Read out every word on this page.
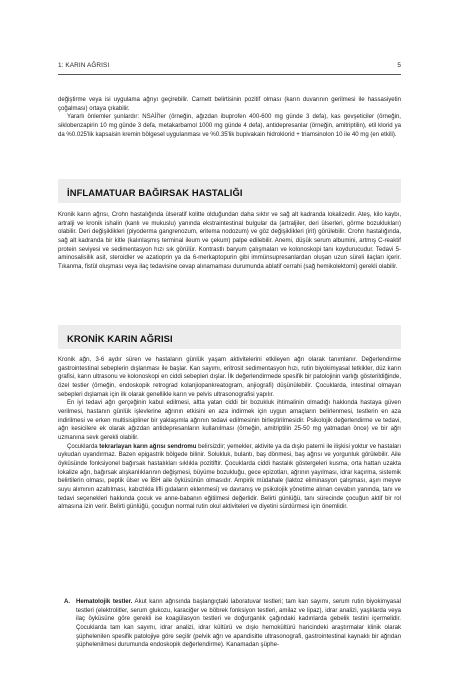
1: KARIN AĞRISI	5

değiştirme veya isi uygulama ağrıyı geçirebilir. Carnett belirtisinin pozitif olması (karın duvarının gerilmesi ile hassasiyetin çoğalması) ortaya çıkabilir.

Yararlı önlemler şunlardır: NSAİİ'ler (örneğin, ağızdan ibuprofen 400-600 mg günde 3 defa), kas gevşeticiler (örneğin, siklobenzapirin 10 mg günde 3 defa, metakarbamol 1000 mg günde 4 defa), antidepresanlar (örneğin, amitriptilin), etil klorid ya da %0.025'lik kapsaisin kremin bölgesel uygulanması ve %0.35'lik bupivakain hidroklorid + triamsinolon 10 ile 40 mg (en etkili).

İNFLAMATUAR BAĞIRSAK HASTALIĞI

Kronik karın ağrısı, Crohn hastalığında ülseratif kolitte olduğundan daha sıktır ve sağ alt kadranda lokalizedir. Ateş, kilo kaybı, artralji ve kronik ishalin (kanlı ve mukuslu) yanında ekstraintestinal bulgular da (artraljiler, deri ülserleri, görme bozuklukları) olabilir. Deri değişiklikleri (piyoderma gangrenozum, eritema nodozum) ve göz değişiklikleri (irit) görülebilir. Crohn hastalığında, sağ alt kadranda bir kitle (kalınlaşmış terminal ileum ve çekum) palpe edilebilir. Anemi, düşük serum albumini, artmış C-reaktif protein seviyesi ve sedimentasyon hızı sık görülür. Kontrastlı baryum çalışmaları ve kolonoskopi tanı koydurucudur. Tedavi 5-aminosalisilik asit, steroidler ve azatioprin ya da 6-merkaptopurin gibi immünsupresanlardan oluşan uzun süreli ilaçları içerir. Tıkanma, fistül oluşması veya ilaç tedavisine cevap alınamaması durumunda ablatif cerrahi (sağ hemikolektomi) gerekli olabilir.

KRONİK KARIN AĞRISI

Kronik ağrı, 3-6 aydır süren ve hastaların günlük yaşam aktivitelerini etkileyen ağrı olarak tanımlanır. Değerlendirme gastrointestinal sebeplerin dışlanması ile başlar. Kan sayımı, eritrosit sedimentasyon hızı, rutin biyokimyasal tetkikler, düz karın grafisi, karın ultrasonu ve kolonoskopi en ciddi sebepleri dışlar. İlk değerlendirmede spesifik bir patolojinin varlığı gösterildiğinde, özel testler (örneğin, endoskopik retrograd kolanjiopankreatogram, anjiografi) düşünülebilir. Çocuklarda, intestinal olmayan sebepleri dışlamak için ilk olarak genellikle karın ve pelvis ultrasonografisi yapılır.

En iyi tedavi ağrı gerçeğinin kabul edilmesi, altta yatan ciddi bir bozukluk ihtimalinin olmadığı hakkında hastaya güven verilmesi, hastanın günlük işlevlerine ağrının etkisini en aza indirmek için uygun amaçların belirlenmesi, testlerin en aza indirilmesi ve erken multisisipliner bir yaklaşımla ağrının tedavi edilmesinin birleştirilmesidir. Psikolojik değerlendirme ve tedavi, ağrı kesicilere ek olarak ağızdan antidepresanların kullanılması (örneğin, amitriptilin 25-50 mg yatmadan önce) ve bir ağrı uzmanına sevk gerekli olabilir.

Çocuklarda tekrarlayan karın ağrısı sendromu belirsizdir; yemekler, aktivite ya da dışkı paterni ile ilişkisi yoktur ve hastaları uykudan uyandırmaz. Bazen epigastrik bölgede bilinir. Solukluk, bulantı, baş dönmesi, baş ağrısı ve yorgunluk görülebilir. Aile öyküsünde fonksiyonel bağırsak hastalıkları sıklıkla pozitiftir. Çocuklarda ciddi hastalık göstergeleri kusma, orta hattan uzakta lokalize ağrı, bağırsak alışkanlıklarının değişmesi, büyüme bozukluğu, gece epizotları, ağrının yayılması, idrar kaçırma, sistemik belirtilerin olması, peptik ülser ve İBH aile öyküsünün olmasıdır. Ampirik müdahale (laktoz eliminasyon çalışması, aşırı meyve suyu alımının azaltılması, kabızlıkla lifli gıdaların eklenmesi) ve davranış ve psikolojik yönetime alınan cevabın yanında, tanı ve tedavi seçenekleri hakkında çocuk ve anne-babanın eğitilmesi değerlidir. Belirti günlüğü, tanı sürecinde çocuğun aktif bir rol almasına izin verir. Belirti günlüğü, çocuğun normal rutin okul aktiviteleri ve diyetini sürdürmesi için önemlidir.

A. Hematolojik testler. Akut karın ağrısında başlangıçtaki laboratuvar testleri; tam kan sayımı, serum rutin biyokimyasal testleri (elektrolitler, serum glukozu, karaciğer ve böbrek fonksiyon testleri, amilaz ve lipaz), idrar analizi, yaşlılarda veya ilaç öyküsüne göre gerekli ise koagülasyon testleri ve doğurganlık çağındaki kadınlarda gebelik testini içermelidir. Çocuklarda tam kan sayımı, idrar analizi, idrar kültürü ve dışkı hemokültürü haricindeki araştırmalar klinik olarak şüphelenilen spesifik patolojiye göre seçilir (pelvik ağrı ve apandisitte ultrasonografi, gastrointestinal kaynaklı bir ağrıdan şüphelenilmesi durumunda endoskopik değerlendirme). Kanamadan şüphe-
